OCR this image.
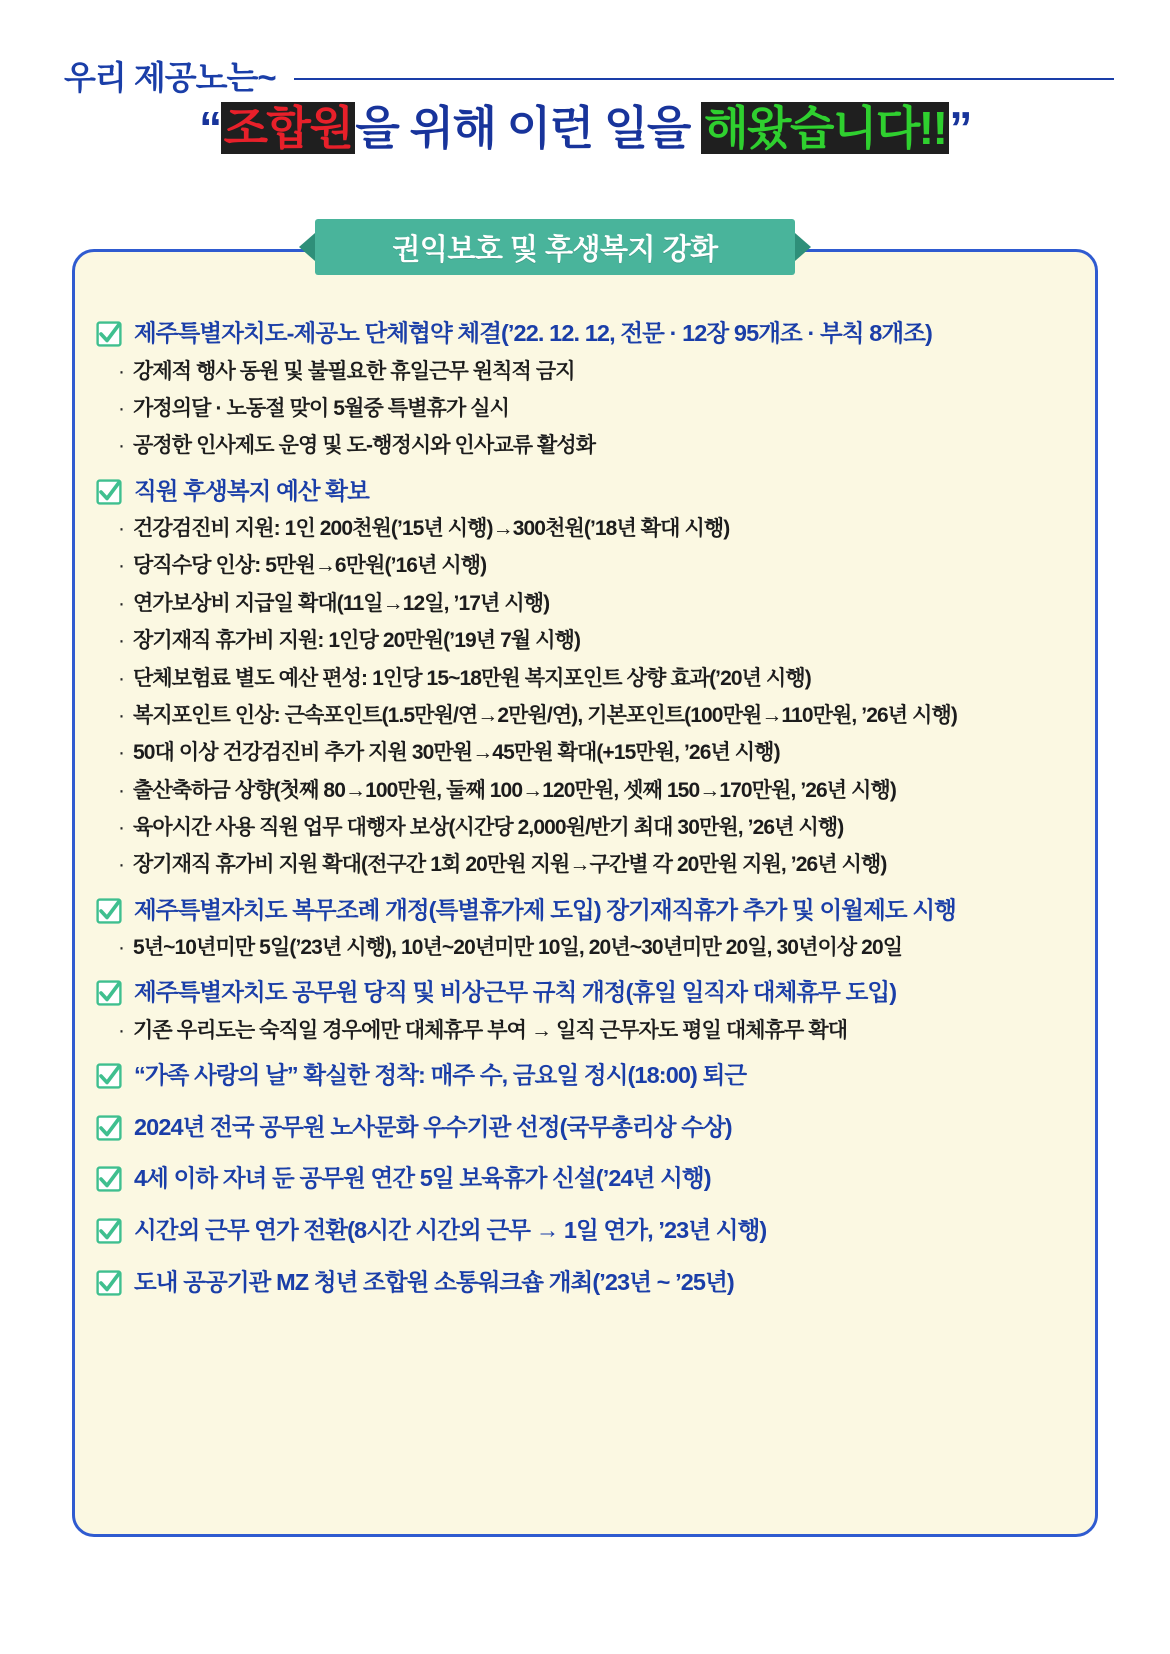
우리 제공노는~
“조합원을 위해 이런 일을 해왔습니다!!”
권익보호 및 후생복지 강화
제주특별자치도-제공노 단체협약 체결(’22. 12. 12, 전문 · 12장 95개조 · 부칙 8개조)
· 강제적 행사 동원 및 불필요한 휴일근무 원칙적 금지
· 가정의달 · 노동절 맞이 5월중 특별휴가 실시
· 공정한 인사제도 운영 및 도-행정시와 인사교류 활성화
직원 후생복지 예산 확보
· 건강검진비 지원: 1인 200천원(’15년 시행)→300천원(’18년 확대 시행)
· 당직수당 인상: 5만원→6만원(’16년 시행)
· 연가보상비 지급일 확대(11일→12일, ’17년 시행)
· 장기재직 휴가비 지원: 1인당 20만원(’19년 7월 시행)
· 단체보험료 별도 예산 편성: 1인당 15~18만원 복지포인트 상향 효과(’20년 시행)
· 복지포인트 인상: 근속포인트(1.5만원/연→2만원/연), 기본포인트(100만원→110만원, ’26년 시행)
· 50대 이상 건강검진비 추가 지원 30만원→45만원 확대(+15만원, ’26년 시행)
· 출산축하금 상향(첫째 80→100만원, 둘째 100→120만원, 셋째 150→170만원, ’26년 시행)
· 육아시간 사용 직원 업무 대행자 보상(시간당 2,000원/반기 최대 30만원, ’26년 시행)
· 장기재직 휴가비 지원 확대(전구간 1회 20만원 지원→구간별 각 20만원 지원, ’26년 시행)
제주특별자치도 복무조례 개정(특별휴가제 도입) 장기재직휴가 추가 및 이월제도 시행
· 5년~10년미만 5일(’23년 시행), 10년~20년미만 10일, 20년~30년미만 20일, 30년이상 20일
제주특별자치도 공무원 당직 및 비상근무 규칙 개정(휴일 일직자 대체휴무 도입)
· 기존 우리도는 숙직일 경우에만 대체휴무 부여 → 일직 근무자도 평일 대체휴무 확대
“가족 사랑의 날” 확실한 정착: 매주 수, 금요일 정시(18:00) 퇴근
2024년 전국 공무원 노사문화 우수기관 선정(국무총리상 수상)
4세 이하 자녀 둔 공무원 연간 5일 보육휴가 신설(’24년 시행)
시간외 근무 연가 전환(8시간 시간외 근무 → 1일 연가, ’23년 시행)
도내 공공기관 MZ 청년 조합원 소통워크숍 개최(’23년 ~ ’25년)
